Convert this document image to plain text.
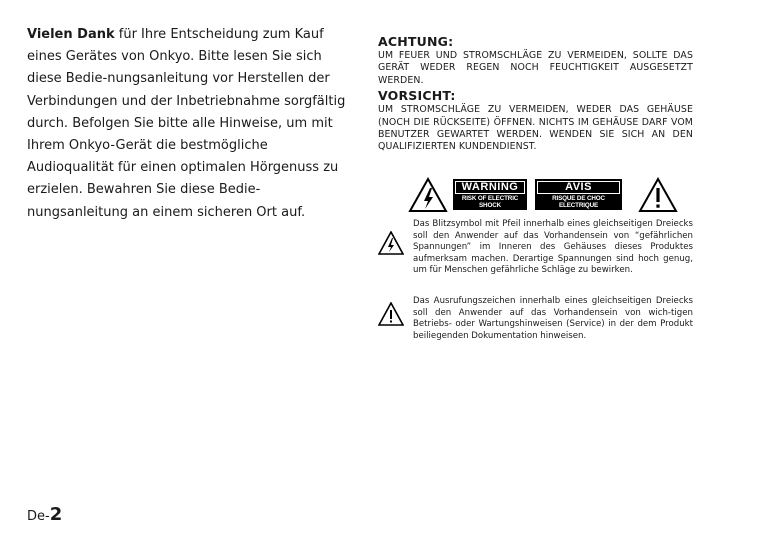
Vielen Dank für Ihre Entscheidung zum Kauf eines Gerätes von Onkyo. Bitte lesen Sie sich diese Bedie-nungsanleitung vor Herstellen der Verbindungen und der Inbetriebnahme sorgfältig durch. Befolgen Sie bitte alle Hinweise, um mit Ihrem Onkyo-Gerät die bestmögliche Audioqualität für einen optimalen Hörgenuss zu erzielen. Bewahren Sie diese Bedie-nungsanleitung an einem sicheren Ort auf.

ACHTUNG:

UM FEUER UND STROMSCHLÄGE ZU VERMEIDEN, SOLLTE DAS GERÄT WEDER REGEN NOCH FEUCHTIGKEIT AUSGESETZT WERDEN.

VORSICHT:

UM STROMSCHLÄGE ZU VERMEIDEN, WEDER DAS GEHÄUSE (NOCH DIE RÜCKSEITE) ÖFFNEN. NICHTS IM GEHÄUSE DARF VOM BENUTZER GEWARTET WERDEN. WENDEN SIE SICH AN DEN QUALIFIZIERTEN KUNDENDIENST.

WARNING
RISK OF ELECTRIC SHOCK
DO NOT OPEN
AVIS
RISQUE DE CHOC ELECTRIQUE
NE PAS OUVRIR

Das Blitzsymbol mit Pfeil innerhalb eines gleichseitigen Dreiecks soll den Anwender auf das Vorhandensein von “gefährlichen Spannungen” im Inneren des Gehäuses dieses Produktes aufmerksam machen. Derartige Spannungen sind hoch genug, um für Menschen gefährliche Schläge zu bewirken.

Das Ausrufungszeichen innerhalb eines gleichseitigen Dreiecks soll den Anwender auf das Vorhandensein von wich-tigen Betriebs- oder Wartungshinweisen (Service) in der dem Produkt beiliegenden Dokumentation hinweisen.

De-2
